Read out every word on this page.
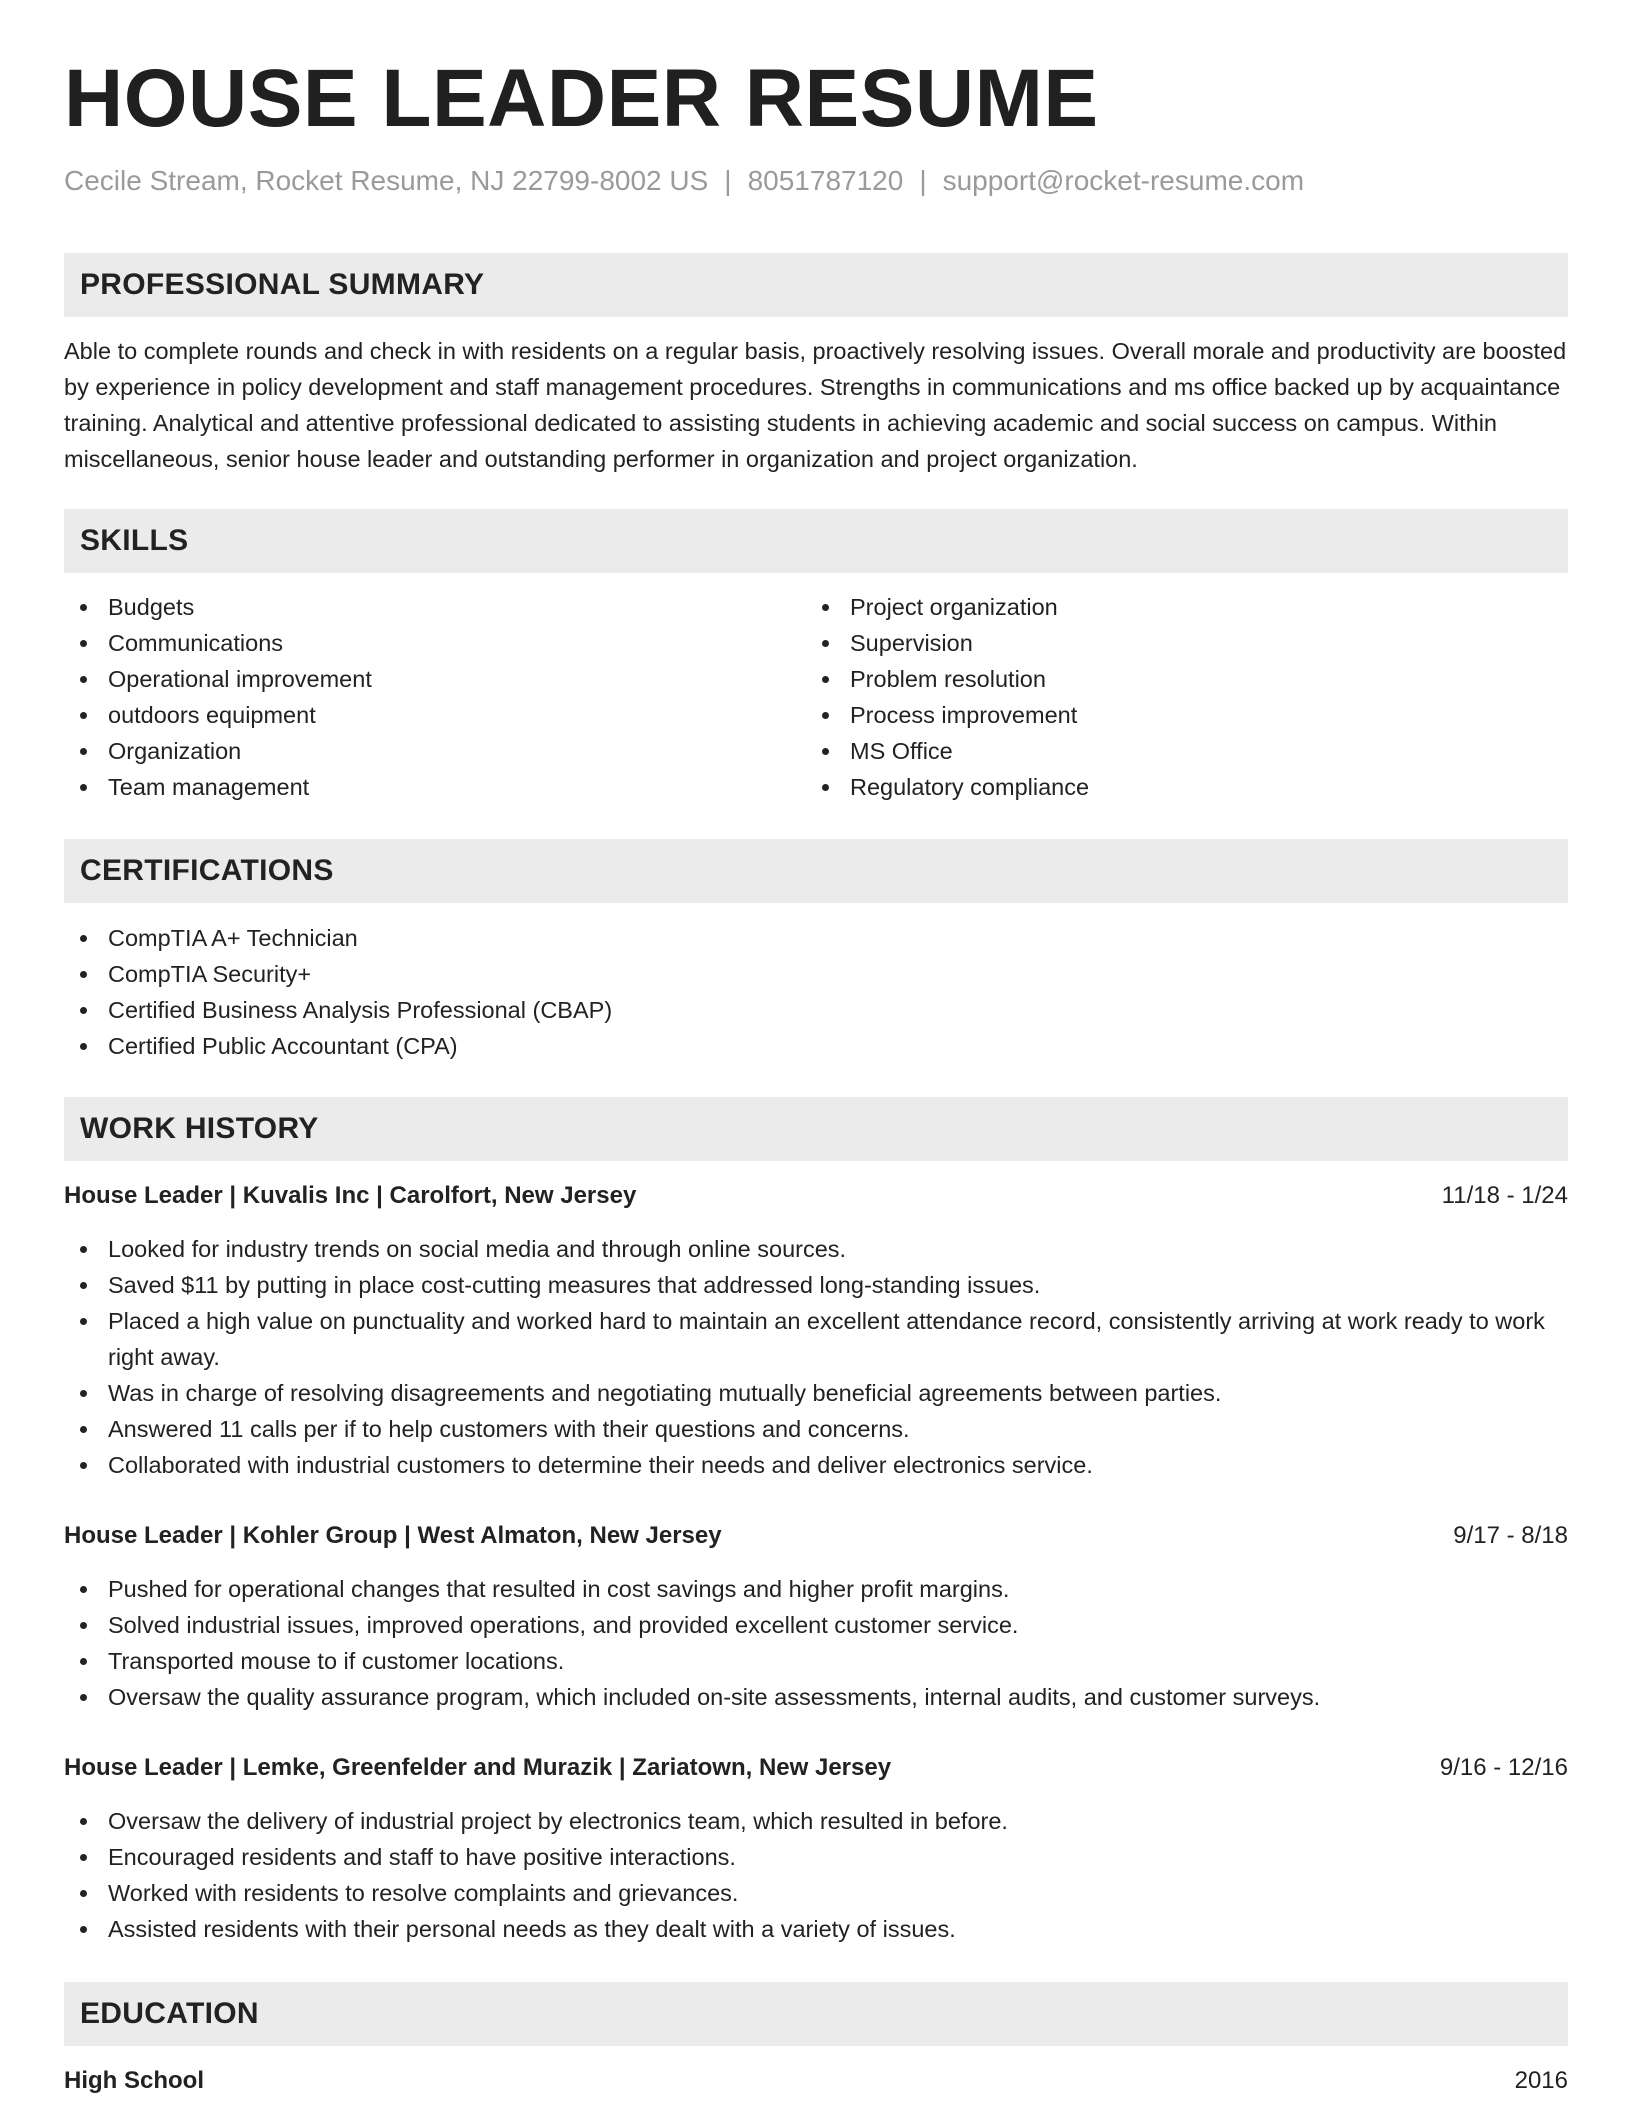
HOUSE LEADER RESUME
Cecile Stream, Rocket Resume, NJ 22799-8002 US | 8051787120 | support@rocket-resume.com
PROFESSIONAL SUMMARY

Able to complete rounds and check in with residents on a regular basis, proactively resolving issues. Overall morale and productivity are boosted by experience in policy development and staff management procedures. Strengths in communications and ms office backed up by acquaintance training. Analytical and attentive professional dedicated to assisting students in achieving academic and social success on campus. Within miscellaneous, senior house leader and outstanding performer in organization and project organization.

SKILLS
Budgets
Communications
Operational improvement
outdoors equipment
Organization
Team management
Project organization
Supervision
Problem resolution
Process improvement
MS Office
Regulatory compliance
CERTIFICATIONS
CompTIA A+ Technician
CompTIA Security+
Certified Business Analysis Professional (CBAP)
Certified Public Accountant (CPA)
WORK HISTORY
House Leader | Kuvalis Inc | Carolfort, New Jersey	11/18 - 1/24
Looked for industry trends on social media and through online sources.
Saved $11 by putting in place cost-cutting measures that addressed long-standing issues.
Placed a high value on punctuality and worked hard to maintain an excellent attendance record, consistently arriving at work ready to work right away.
Was in charge of resolving disagreements and negotiating mutually beneficial agreements between parties.
Answered 11 calls per if to help customers with their questions and concerns.
Collaborated with industrial customers to determine their needs and deliver electronics service.
House Leader | Kohler Group | West Almaton, New Jersey	9/17 - 8/18
Pushed for operational changes that resulted in cost savings and higher profit margins.
Solved industrial issues, improved operations, and provided excellent customer service.
Transported mouse to if customer locations.
Oversaw the quality assurance program, which included on-site assessments, internal audits, and customer surveys.
House Leader | Lemke, Greenfelder and Murazik | Zariatown, New Jersey	9/16 - 12/16
Oversaw the delivery of industrial project by electronics team, which resulted in before.
Encouraged residents and staff to have positive interactions.
Worked with residents to resolve complaints and grievances.
Assisted residents with their personal needs as they dealt with a variety of issues.
EDUCATION
High School	2016
